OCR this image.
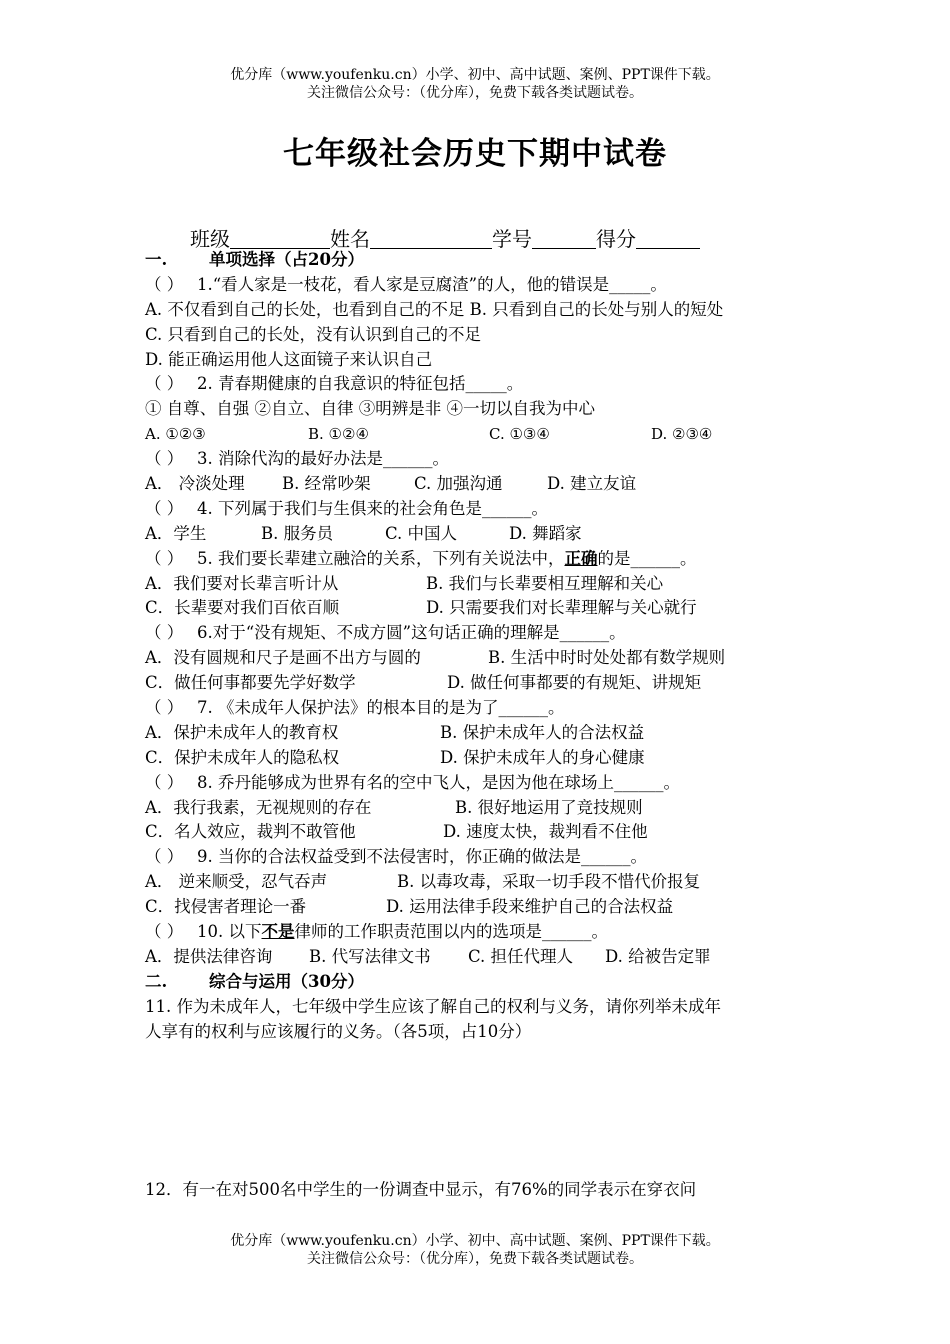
优分库（www.youfenku.cn）小学、初中、高中试题、案例、PPT课件下载。
关注微信公众号：（优分库），免费下载各类试题试卷。
七年级社会历史下期中试卷
班级	姓名	学号	得分
一.	单项选择（占20分）
（ ） 1.“看人家是一枝花，看人家是豆腐渣”的人，他的错误是_____。
A. 不仅看到自己的长处，也看到自己的不足 B. 只看到自己的长处与别人的短处
C. 只看到自己的长处，没有认识到自己的不足
D. 能正确运用他人这面镜子来认识自己
（ ） 2. 青春期健康的自我意识的特征包括_____。
① 自尊、自强 ②自立、自律 ③明辨是非 ④一切以自我为中心
A. ①②③	B. ①②④	C. ①③④	D. ②③④
（ ） 3. 消除代沟的最好办法是______。
A． 冷淡处理 B. 经常吵架	C. 加强沟通	D. 建立友谊
（ ） 4. 下列属于我们与生俱来的社会角色是______。
A．学生	B. 服务员	C. 中国人	D. 舞蹈家
（ ） 5. 我们要长辈建立融洽的关系，下列有关说法中，正确的是______。
A．我们要对长辈言听计从	B. 我们与长辈要相互理解和关心
C．长辈要对我们百依百顺	D. 只需要我们对长辈理解与关心就行
（ ） 6.对于“没有规矩、不成方圆”这句话正确的理解是______。
A．没有圆规和尺子是画不出方与圆的	B. 生活中时时处处都有数学规则
C．做任何事都要先学好数学	D. 做任何事都要的有规矩、讲规矩
（ ） 7. 《未成年人保护法》的根本目的是为了______。
A．保护未成年人的教育权	B. 保护未成年人的合法权益
C．保护未成年人的隐私权	D. 保护未成年人的身心健康
（ ） 8. 乔丹能够成为世界有名的空中飞人，是因为他在球场上______。
A．我行我素，无视规则的存在	B. 很好地运用了竞技规则
C．名人效应，裁判不敢管他	D. 速度太快，裁判看不住他
（ ） 9. 当你的合法权益受到不法侵害时，你正确的做法是______。
A． 逆来顺受，忍气吞声	B. 以毒攻毒，采取一切手段不惜代价报复
C．找侵害者理论一番	D. 运用法律手段来维护自己的合法权益
（ ） 10. 以下不是律师的工作职责范围以内的选项是______。
A．提供法律咨询 B. 代写法律文书 C. 担任代理人 D. 给被告定罪
二.	综合与运用（30分）
11. 作为未成年人，七年级中学生应该了解自己的权利与义务，请你列举未成年
人享有的权利与应该履行的义务。（各5项，占10分）
12．有一在对500名中学生的一份调查中显示，有76%的同学表示在穿衣问
优分库（www.youfenku.cn）小学、初中、高中试题、案例、PPT课件下载。
关注微信公众号：（优分库），免费下载各类试题试卷。
